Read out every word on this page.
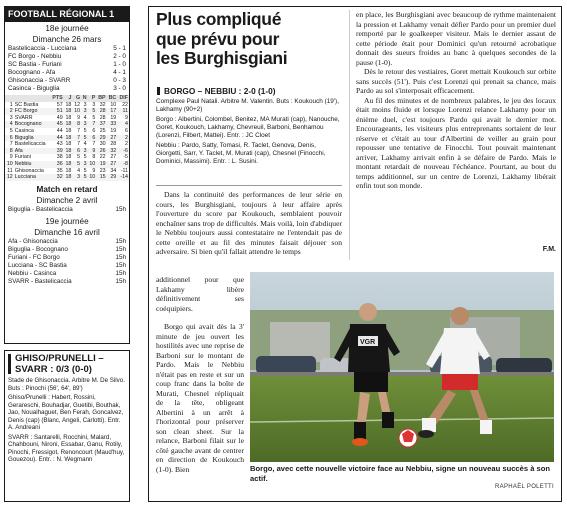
FOOTBALL RÉGIONAL 1
18e journée
Dimanche 26 mars
Bastelicaccia - Lucciana	5 - 1
FC Borgo - Nebbiu	2 - 0
SC Bastia - Furiani	1 - 0
Bocognano - Afa	4 - 1
Ghisonaccia - SVARR	0 - 3
Casinca - Biguglia	3 - 0
		PTS	J	G	N	P	BP	BC	DIF
1	SC Bastia	57	18	12	3	3	32	10	22
2	FC Borgo	51	18	10	3	5	28	17	11
3	SVARR	49	18	9	4	5	28	19	9
4	Bocognano	45	18	8	3	7	37	33	4
5	Casinca	44	18	7	5	6	25	19	6
6	Biguglia	44	18	7	5	6	29	27	2
7	Bastelicaccia	43	18	7	4	7	30	28	2
8	Afa	39	18	6	3	9	26	32	-6
9	Furiani	38	18	5	5	8	22	27	-5
10	Nebbiu	36	18	5	3	10	19	27	-8
11	Ghisonaccia	35	18	4	5	9	23	34	-11
12	Lucciana	32	18	3	5	10	15	29	-14
Match en retard
Dimanche 2 avril
Biguglia - Bastelicaccia	15h
19e journée
Dimanche 16 avril
Afa - Ghisonaccia	15h
Biguglia - Bocognano	15h
Furiani - FC Borgo	15h
Lucciana - SC Bastia	15h
Nebbiu - Casinca	15h
SVARR - Bastelicaccia	15h
GHISO/PRUNELLI – SVARR : 0/3 (0-0)
Stade de Ghisonaccia. Arbitre M. De Silvo. Buts : Pinochi (56', 64', 89')
Ghiso/Prunelli : Habert, Rossini, Gerareschi, Bouhadjar, Guetibi, Bouthak, Jao, Noualhaguet, Ben Ferah, Goncalvez, Denis (cap) (Blanc, Angeli, Carlotti). Entr. A. Andreani
SVARR : Santarelli, Rocchini, Malard, Chahbouni, Nironi, Essabar, Ganu, Rotily, Pinochi, Fressigot, Renoncourt (Maud'huy, Gouezou). Entr. : N. Wegmann
Plus compliqué que prévu pour les Burghisgiani
BORGO – NEBBIU : 2-0 (1-0)
Complexe Paul Natali. Arbitre M. Valentin. Buts : Koukouch (19'), Lakhamy (90+2)
Borgo : Albertini, Colombel, Benitez, MA Murati (cap), Nanouche, Goret, Koukouch, Lakhamy, Chevreuil, Barboni, Benhamou (Lorenzi, Filbert, Mattei). Entr. : JC Cloet
Nebbiu : Pardo, Satty, Tomasi, R. Taclet, Genova, Denis, Giorgetti, Sarr, Y. Taclet, M. Murati (cap), Chesnel (Finocchi, Dominici, Massimi). Entr. : L. Susini.

Dans la continuité des performances de leur série en cours, les Burghisgiani, toujours à leur affaire après l'ouverture du score par Koukouch, semblaient pouvoir enchaîner sans trop de difficultés. Mais voilà, loin d'abdiquer le Nebbiu toujours aussi contestataire ne l'entendait pas de cette oreille et au fil des minutes faisait déjouer son adversaire. Si bien qu'il fallait attendre le temps

additionnel pour que Lakhamy libère définitivement ses coéquipiers.

Borgo qui avait dès la 3' minute de jeu ouvert les hostilités avec une reprise de Barboni sur le montant de Pardo. Mais le Nebbiu n'était pas en reste et sur un coup franc dans la boîte de Murati, Chesnel répliquait de la tête, obligeant Albertini à un arrêt à l'horizontal pour préserver son clean sheet. Sur la relance, Barboni filait sur le côté gauche avant de centrer en direction de Koukouch (1-0). Bien

en place, les Burghisgiani avec beaucoup de rythme maintenaient la pression et Lakhamy venait défier Pardo pour un premier duel remporté par le goalkeeper visiteur. Mais le dernier assaut de cette période était pour Dominici qu'un retourné acrobatique donnait des sueurs froides au banc à quelques secondes de la pause (1-0).

Dès le retour des vestiaires, Goret mettait Koukouch sur orbite sans succès (51'). Puis c'est Lorenzi qui prenait sa chance, mais Pardo au sol s'interposait efficacement.

Au fil des minutes et de nombreux palabres, le jeu des locaux était moins fluide et lorsque Lorenzi relance Lakhamy pour un énième duel, c'est toujours Pardo qui avait le dernier mot. Encourageants, les visiteurs plus entreprenants sortaient de leur réserve et c'était au tour d'Albertini de veiller au grain pour repousser une tentative de Finocchi. Tout pouvait maintenant arriver, Lakhamy arrivait enfin à se défaire de Pardo. Mais le montant retardait de nouveau l'échéance. Pourtant, au bout du temps additionnel, sur un centre de Lorenzi, Lakhamy libérait enfin tout son monde.

F.M.
VGR
Borgo, avec cette nouvelle victoire face au Nebbiu, signe un nouveau succès à son actif.
RAPHAËL POLETTI
